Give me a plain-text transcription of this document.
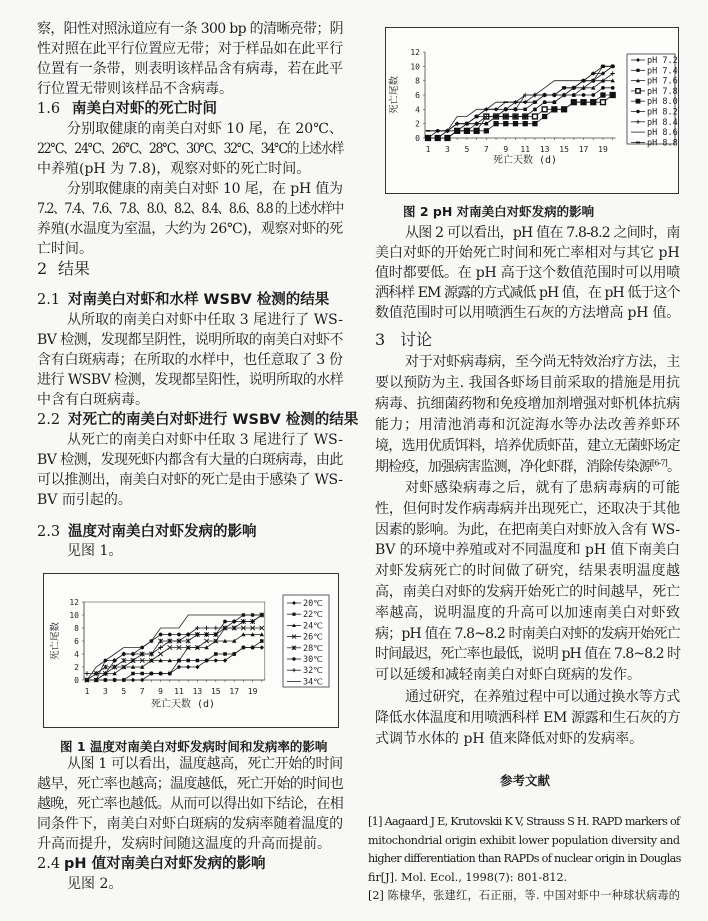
察，阳性对照泳道应有一条 300 bp 的清晰亮带；阴
性对照在此平行位置应无带；对于样品如在此平行
位置有一条带，则表明该样品含有病毒，若在此平
行位置无带则该样品不含病毒。
分别取健康的南美白对虾 10 尾，在 20℃、
22℃、24℃、26℃、28℃、30℃、32℃、34℃的上述水样
中养殖(pH 为 7.8)，观察对虾的死亡时间。
分别取健康的南美白对虾 10 尾，在 pH 值为
7.2、7.4、7.6、7.8、8.0、8.2、8.4、8.6、8.8 的上述水样中
养殖(水温度为室温，大约为 26℃)，观察对虾的死
亡时间。
从所取的南美白对虾中任取 3 尾进行了 WS-
BV 检测，发现都呈阴性，说明所取的南美白对虾不
含有白斑病毒；在所取的水样中，也任意取了 3 份
进行 WSBV 检测，发现都呈阳性，说明所取的水样
中含有白斑病毒。
从死亡的南美白对虾中任取 3 尾进行了 WS-
BV 检测，发现死虾内都含有大量的白斑病毒，由此
可以推测出，南美白对虾的死亡是由于感染了 WS-
BV 而引起的。
见图 1。
从图 1 可以看出，温度越高，死亡开始的时间
越早，死亡率也越高；温度越低，死亡开始的时间也
越晚，死亡率也越低。从而可以得出如下结论，在相
同条件下，南美白对虾白斑病的发病率随着温度的
升高而提升，发病时间随这温度的升高而提前。
见图 2。
从图 2 可以看出，pH 值在 7.8-8.2 之间时，南
美白对虾的开始死亡时间和死亡率相对与其它 pH
值时都要低。在 pH 高于这个数值范围时可以用喷
洒科样 EM 源露的方式减低 pH 值，在 pH 低于这个
数值范围时可以用喷洒生石灰的方法增高 pH 值。
对于对虾病毒病，至今尚无特效治疗方法，主
要以预防为主. 我国各虾场目前采取的措施是用抗
病毒、抗细菌药物和免疫增加剂增强对虾机体抗病
能力；用清池消毒和沉淀海水等办法改善养虾环
境，选用优质饵料，培养优质虾苗，建立无菌虾场定
期检疫，加强病害监测，净化虾群，消除传染源[6-7]。
对虾感染病毒之后，就有了患病毒病的可能
性，但何时发作病毒病并出现死亡，还取决于其他
因素的影响。为此，在把南美白对虾放入含有 WS-
BV 的环境中养殖或对不同温度和 pH 值下南美白
对虾发病死亡的时间做了研究，结果表明温度越
高，南美白对虾的发病开始死亡的时间越早，死亡
率越高，说明温度的升高可以加速南美白对虾致
病；pH 值在 7.8~8.2 时南美白对虾的发病开始死亡
时间最迟，死亡率也最低，说明 pH 值在 7.8~8.2 时
可以延缓和减轻南美白对虾白斑病的发作。
通过研究，在养殖过程中可以通过换水等方式
降低水体温度和用喷洒科样 EM 源露和生石灰的方
式调节水体的 pH 值来降低对虾的发病率。
1.6 南美白对虾的死亡时间
2 结果
2.1 对南美白对虾和水样 WSBV 检测的结果
2.2 对死亡的南美白对虾进行 WSBV 检测的结果
2.3 温度对南美白对虾发病的影响
2.4 pH 值对南美白对虾发病的影响
3 讨论
图 1 温度对南美白对虾发病时间和发病率的影响
图 2 pH 对南美白对虾发病的影响
参考文献
[1] Aagaard J E, Krutovskii K V, Strauss S H. RAPD markers of
mitochondrial origin exhibit lower population diversity and
higher differentiation than RAPDs of nuclear origin in Douglas
fir[J]. Mol. Ecol., 1998(7): 801-812.
[2] 陈棣华，张建红，石正丽，等. 中国对虾中一种球状病毒的
0
2
4
6
8
10
12
1 3 5 7 9 11 13 15 17 19
死亡天数 (d)
死亡尾数
20℃
22℃
24℃
26℃
28℃
30℃
32℃
34℃
0
2
4
6
8
10
12
1 3 5 7 9 11 13 15 17 19
死亡天数 (d)
死亡尾数
pH 7.2
pH 7.4
pH 7.6
pH 7.8
pH 8.0
pH 8.2
pH 8.4
pH 8.6
pH 8.8
